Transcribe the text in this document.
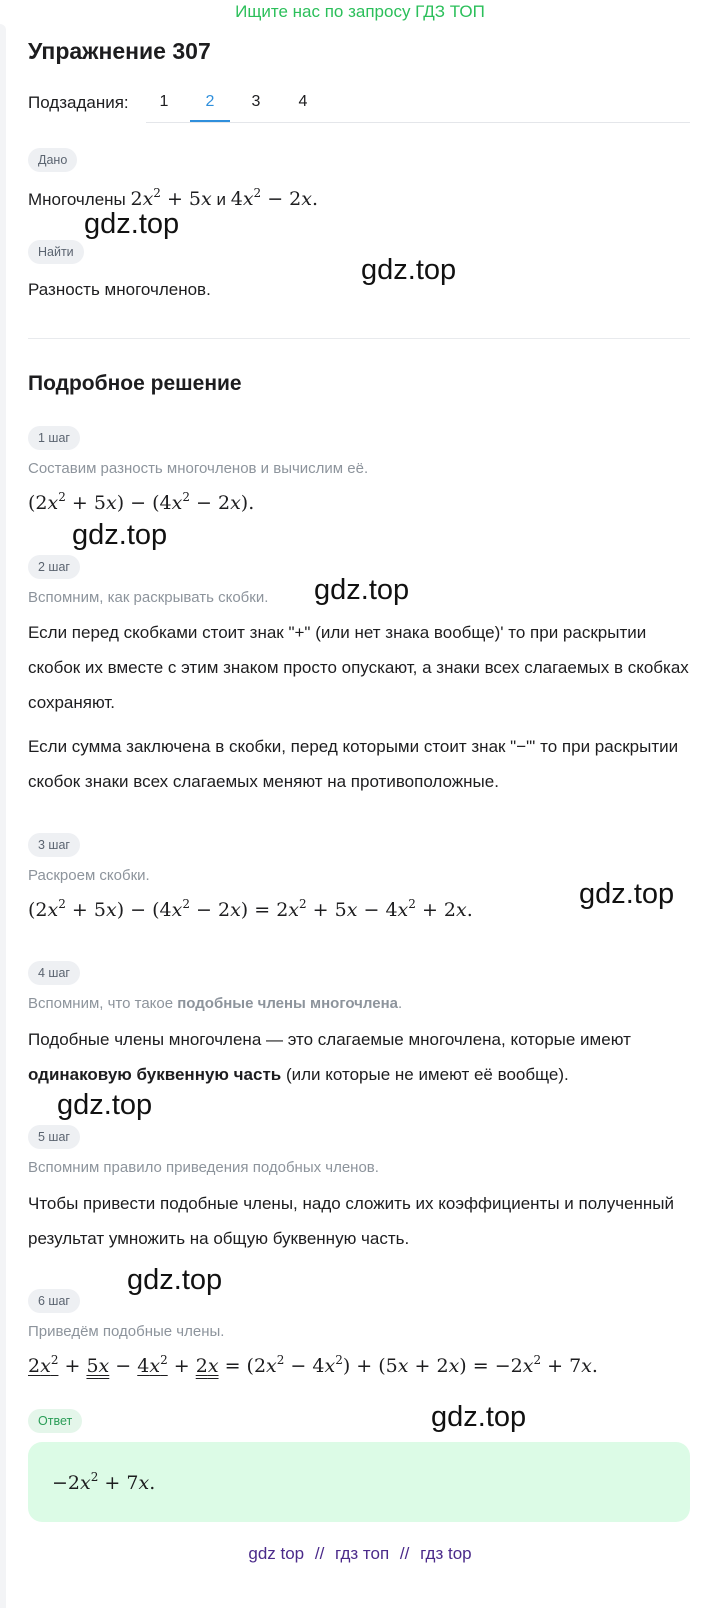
Ищите нас по запросу ГДЗ ТОП
Упражнение 307
Подзадания:	1	2	3	4
Дано
Многочлены $2x^2 + 5x$ и $4x^2 - 2x$.
Найти
Разность многочленов.
Подробное решение
1 шаг
Составим разность многочленов и вычислим её.
$(2x^2 + 5x) - (4x^2 - 2x)$.
2 шаг
Вспомним, как раскрывать скобки.
Если перед скобками стоит знак "+" (или нет знака вообще)' то при раскрытии скобок их вместе с этим знаком просто опускают, а знаки всех слагаемых в скобках сохраняют.
Если сумма заключена в скобки, перед которыми стоит знак "−"' то при раскрытии скобок знаки всех слагаемых меняют на противоположные.
3 шаг
Раскроем скобки.
$(2x^2 + 5x) - (4x^2 - 2x) = 2x^2 + 5x - 4x^2 + 2x$.
4 шаг
Вспомним, что такое подобные члены многочлена.
Подобные члены многочлена — это слагаемые многочлена, которые имеют одинаковую буквенную часть (или которые не имеют её вообще).
5 шаг
Вспомним правило приведения подобных членов.
Чтобы привести подобные члены, надо сложить их коэффициенты и полученный результат умножить на общую буквенную часть.
6 шаг
Приведём подобные члены.
$2x^2 + 5x - 4x^2 + 2x = (2x^2 - 4x^2) + (5x + 2x) = -2x^2 + 7x$.
Ответ
$-2x^2 + 7x$.
gdz.top
gdz.top
gdz.top
gdz.top
gdz.top
gdz.top
gdz.top
gdz.top
gdz top // гдз топ // гдз top
